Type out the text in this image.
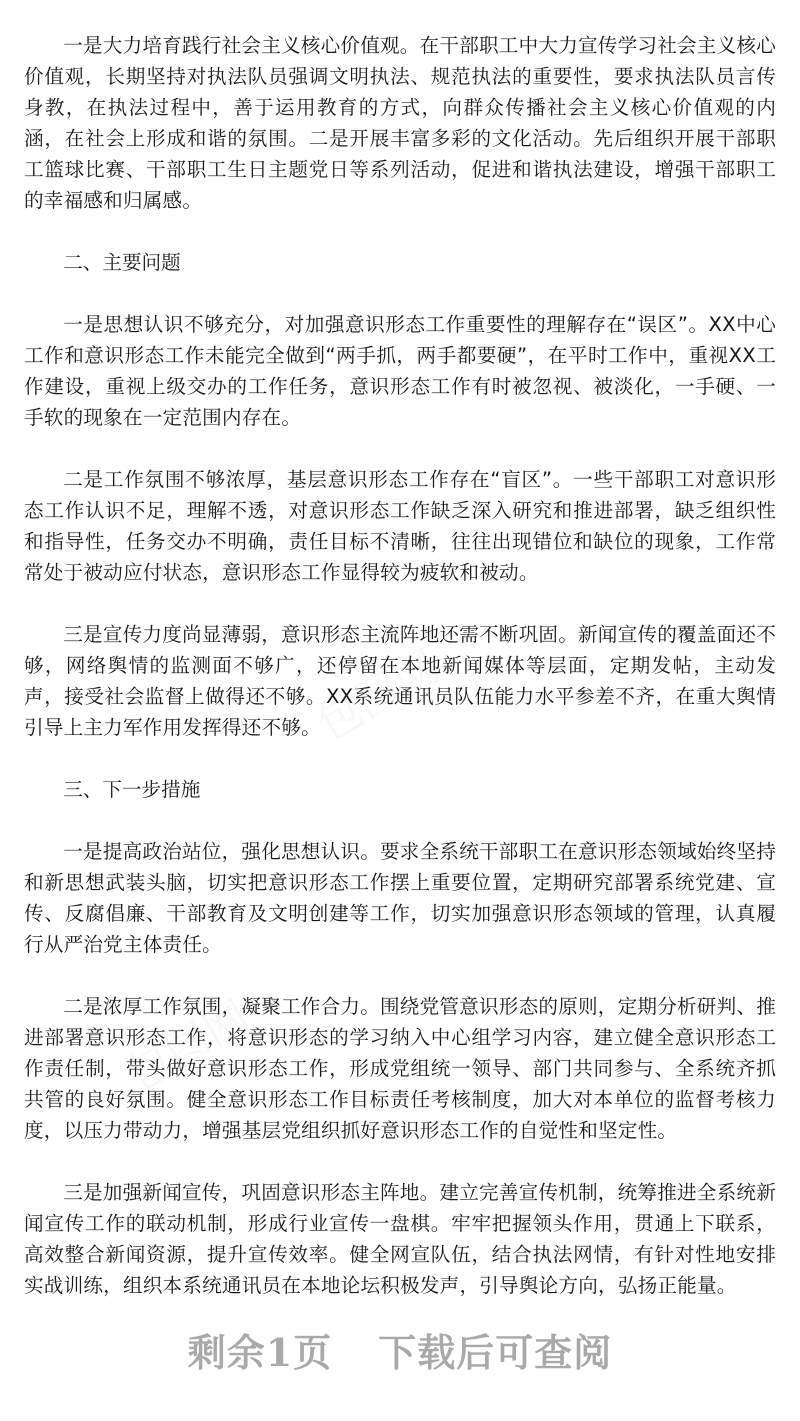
一是大力培育践行社会主义核心价值观。在干部职工中大力宣传学习社会主义核心价值观，长期坚持对执法队员强调文明执法、规范执法的重要性，要求执法队员言传身教，在执法过程中，善于运用教育的方式，向群众传播社会主义核心价值观的内涵，在社会上形成和谐的氛围。二是开展丰富多彩的文化活动。先后组织开展干部职工篮球比赛、干部职工生日主题党日等系列活动，促进和谐执法建设，增强干部职工的幸福感和归属感。

二、主要问题

一是思想认识不够充分，对加强意识形态工作重要性的理解存在“误区”。XX中心工作和意识形态工作未能完全做到“两手抓，两手都要硬”，在平时工作中，重视XX工作建设，重视上级交办的工作任务，意识形态工作有时被忽视、被淡化，一手硬、一手软的现象在一定范围内存在。

二是工作氛围不够浓厚，基层意识形态工作存在“盲区”。一些干部职工对意识形态工作认识不足，理解不透，对意识形态工作缺乏深入研究和推进部署，缺乏组织性和指导性，任务交办不明确，责任目标不清晰，往往出现错位和缺位的现象，工作常常处于被动应付状态，意识形态工作显得较为疲软和被动。

三是宣传力度尚显薄弱，意识形态主流阵地还需不断巩固。新闻宣传的覆盖面还不够，网络舆情的监测面不够广，还停留在本地新闻媒体等层面，定期发帖，主动发声，接受社会监督上做得还不够。XX系统通讯员队伍能力水平参差不齐，在重大舆情引导上主力军作用发挥得还不够。

三、下一步措施

一是提高政治站位，强化思想认识。要求全系统干部职工在意识形态领域始终坚持和新思想武装头脑，切实把意识形态工作摆上重要位置，定期研究部署系统党建、宣传、反腐倡廉、干部教育及文明创建等工作，切实加强意识形态领域的管理，认真履行从严治党主体责任。

二是浓厚工作氛围，凝聚工作合力。围绕党管意识形态的原则，定期分析研判、推进部署意识形态工作，将意识形态的学习纳入中心组学习内容，建立健全意识形态工作责任制，带头做好意识形态工作，形成党组统一领导、部门共同参与、全系统齐抓共管的良好氛围。健全意识形态工作目标责任考核制度，加大对本单位的监督考核力度，以压力带动力，增强基层党组织抓好意识形态工作的自觉性和坚定性。

三是加强新闻宣传，巩固意识形态主阵地。建立完善宣传机制，统筹推进全系统新闻宣传工作的联动机制，形成行业宣传一盘棋。牢牢把握领头作用，贯通上下联系，高效整合新闻资源，提升宣传效率。健全网宣队伍，结合执法网情，有针对性地安排实战训练，组织本系统通讯员在本地论坛积极发声，引导舆论方向，弘扬正能量。

包图网
包图网
剩余1页 下载后可查阅
